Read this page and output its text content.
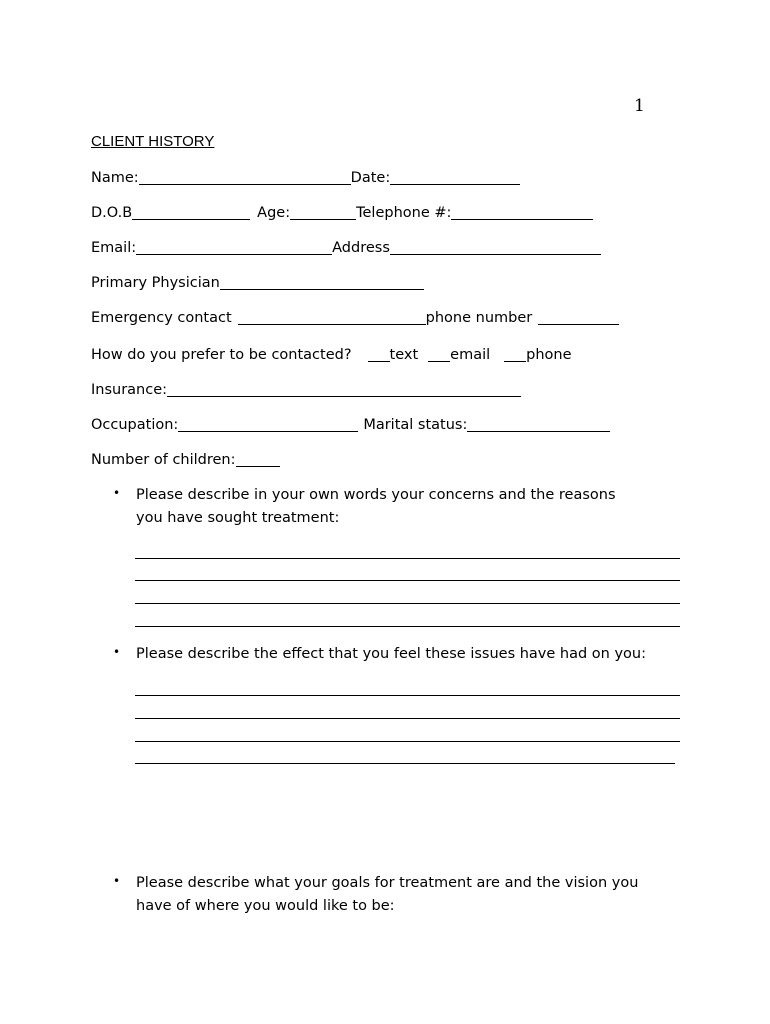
1
CLIENT HISTORY
Name:	Date:
D.O.B	Age:	Telephone #:
Email:	Address
Primary Physician
Emergency contact	phone number
How do you prefer to be contacted?	text email phone
Insurance:
Occupation:	Marital status:
Number of children:
• Please describe in your own words your concerns and the reasons
you have sought treatment:
• Please describe the effect that you feel these issues have had on you:
• Please describe what your goals for treatment are and the vision you
have of where you would like to be:
